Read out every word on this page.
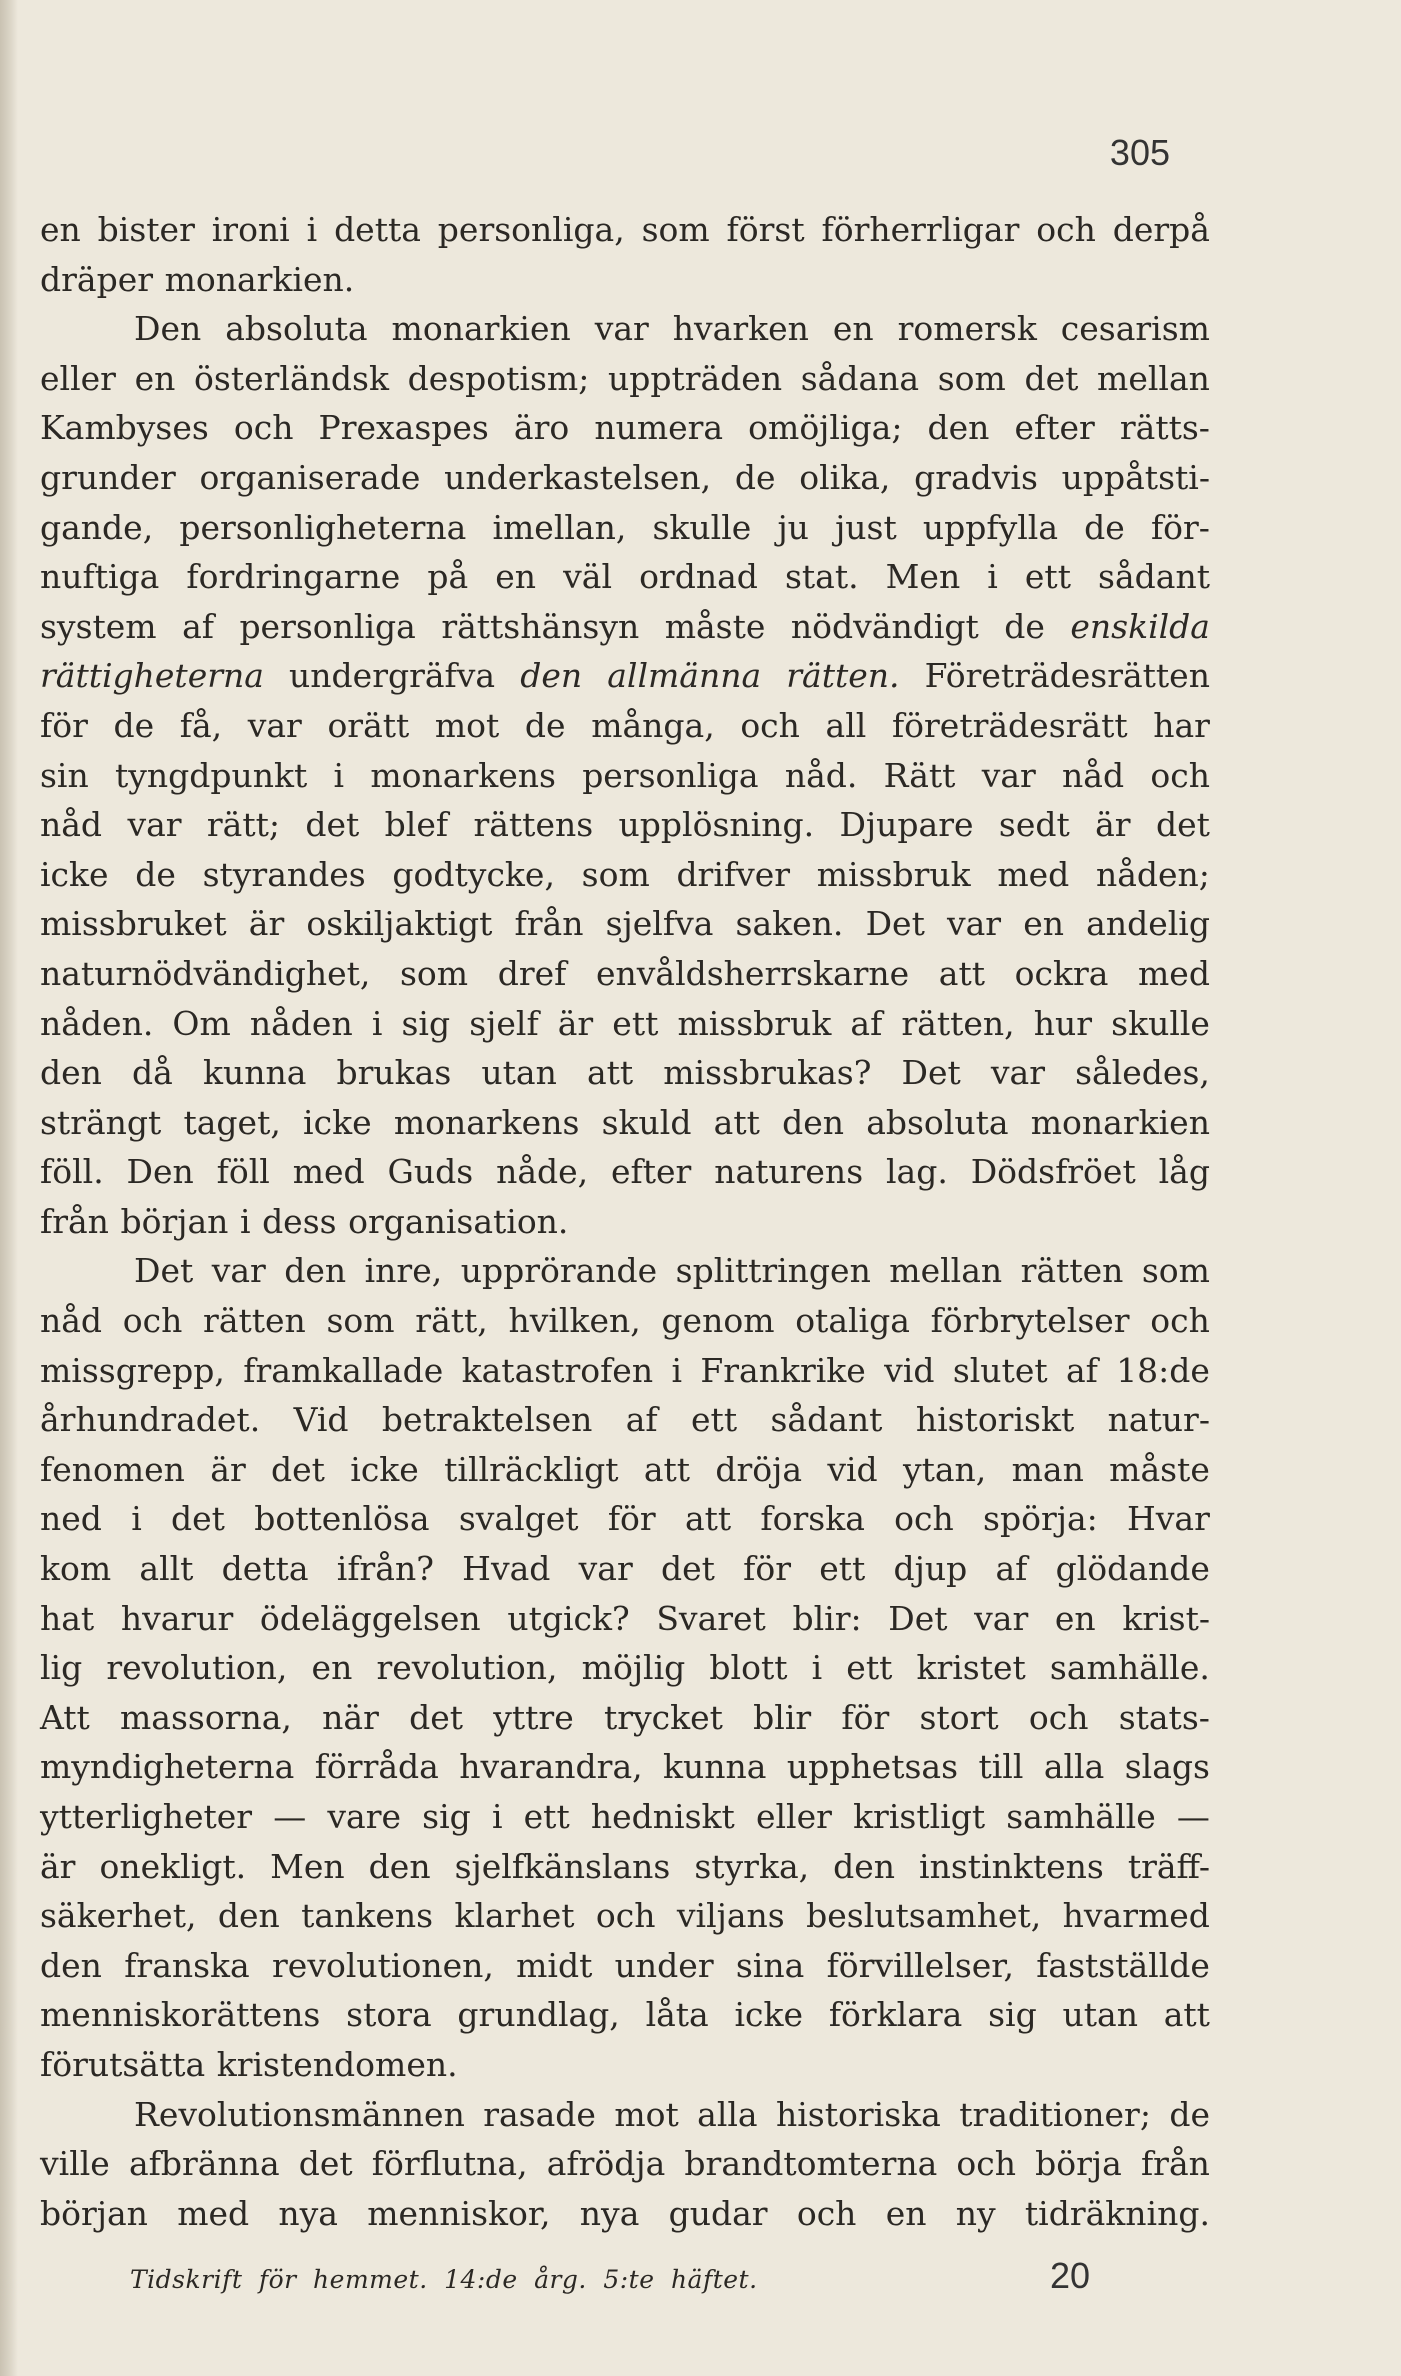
305
en bister ironi i detta personliga, som först förherrligar och derpå
dräper monarkien.
Den absoluta monarkien var hvarken en romersk cesarism
eller en österländsk despotism; uppträden sådana som det mellan
Kambyses och Prexaspes äro numera omöjliga; den efter rätts-
grunder organiserade underkastelsen, de olika, gradvis uppåtsti-
gande, personligheterna imellan, skulle ju just uppfylla de för-
nuftiga fordringarne på en väl ordnad stat. Men i ett sådant
system af personliga rättshänsyn måste nödvändigt de enskilda
rättigheterna undergräfva den allmänna rätten. Företrädesrätten
för de få, var orätt mot de många, och all företrädesrätt har
sin tyngdpunkt i monarkens personliga nåd. Rätt var nåd och
nåd var rätt; det blef rättens upplösning. Djupare sedt är det
icke de styrandes godtycke, som drifver missbruk med nåden;
missbruket är oskiljaktigt från sjelfva saken. Det var en andelig
naturnödvändighet, som dref envåldsherrskarne att ockra med
nåden. Om nåden i sig sjelf är ett missbruk af rätten, hur skulle
den då kunna brukas utan att missbrukas? Det var således,
strängt taget, icke monarkens skuld att den absoluta monarkien
föll. Den föll med Guds nåde, efter naturens lag. Dödsfröet låg
från början i dess organisation.
Det var den inre, upprörande splittringen mellan rätten som
nåd och rätten som rätt, hvilken, genom otaliga förbrytelser och
missgrepp, framkallade katastrofen i Frankrike vid slutet af 18:de
århundradet. Vid betraktelsen af ett sådant historiskt natur-
fenomen är det icke tillräckligt att dröja vid ytan, man måste
ned i det bottenlösa svalget för att forska och spörja: Hvar
kom allt detta ifrån? Hvad var det för ett djup af glödande
hat hvarur ödeläggelsen utgick? Svaret blir: Det var en krist-
lig revolution, en revolution, möjlig blott i ett kristet samhälle.
Att massorna, när det yttre trycket blir för stort och stats-
myndigheterna förråda hvarandra, kunna upphetsas till alla slags
ytterligheter — vare sig i ett hedniskt eller kristligt samhälle —
är onekligt. Men den sjelfkänslans styrka, den instinktens träff-
säkerhet, den tankens klarhet och viljans beslutsamhet, hvarmed
den franska revolutionen, midt under sina förvillelser, fastställde
menniskorättens stora grundlag, låta icke förklara sig utan att
förutsätta kristendomen.
Revolutionsmännen rasade mot alla historiska traditioner; de
ville afbränna det förflutna, afrödja brandtomterna och börja från
början med nya menniskor, nya gudar och en ny tidräkning.
Tidskrift för hemmet. 14:de årg. 5:te häftet.	20
